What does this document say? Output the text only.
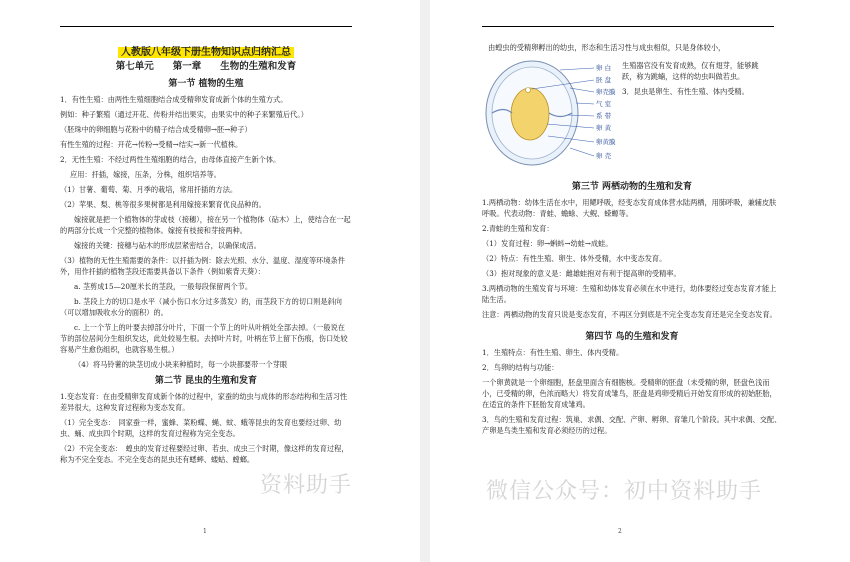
人教版八年级下册生物知识点归纳汇总
第七单元　　第一章　　生物的生殖和发育
第一节 植物的生殖

1．有性生殖：由两性生殖细胞结合成受精卵发育成新个体的生殖方式。

例如：种子繁殖（通过开花、传粉并结出果实，由果实中的种子来繁殖后代。）

（胚珠中的卵细胞与花粉中的精子结合成受精卵→胚→种子）

有性生殖的过程：开花→传粉→受精→结实→新一代植株。

2．无性生殖：不经过两性生殖细胞的结合，由母体直接产生新个体。

应用：扦插，嫁接，压条，分株，组织培养等。

（1）甘薯、葡萄、菊、月季的栽培，常用扦插的方法。

（2）苹果、梨、桃等很多果树都是利用嫁接来繁育优良品种的。

嫁接就是把一个植物体的芽或枝（接穗），接在另一个植物体（砧木）上，使结合在一起的两部分长成一个完整的植物体。嫁接有枝接和芽接两种。

嫁接的关键：接穗与砧木的形成层紧密结合，以确保成活。

（3）植物的无性生殖需要的条件：以扦插为例：除去光照、水分、温度、湿度等环境条件外，用作扦插的植物茎段还需要具备以下条件（例如紫背天葵）：

a. 茎剪成15—20厘米长的茎段，一般每段保留两个节。

b. 茎段上方的切口是水平（减小伤口水分过多蒸发）的，而茎段下方的切口则是斜向（可以增加吸收水分的面积）的。

c. 上一个节上的叶要去掉部分叶片，下面一个节上的叶从叶柄处全部去掉。（一般说在节的部位居间分生组织发达，此处较易生根。去掉叶片时，叶柄在节上留下伤痕，伤口处较容易产生愈伤组织，也就容易生根。）

（4）将马铃薯的块茎切成小块来种植时，每一小块都要带一个芽眼

第二节 昆虫的生殖和发育

1.变态发育：在由受精卵发育成新个体的过程中，家蚕的幼虫与成体的形态结构和生活习性差异很大，这种发育过程称为变态发育。

（1）完全变态：　同家蚕一样，蜜蜂、菜粉蝶、蝇、蚊、蛾等昆虫的发育也要经过卵、幼虫、蛹、成虫四个时期，这样的发育过程称为完全变态。

（2）不完全变态：　蝗虫的发育过程要经过卵、若虫、成虫三个时期，像这样的发育过程，称为不完全变态。不完全变态的昆虫还有蟋蟀、蝼蛄、螳螂。

资料助手
1

由蝗虫的受精卵孵出的幼虫，形态和生活习性与成虫相似，只是身体较小，

卵 白
胚 盘
卵壳膜
气 室
系 带
卵 黄
卵黄膜
卵 壳

生殖器官没有发育成熟，仅有翅芽，能够跳跃，称为跳蝻，这样的幼虫叫做若虫。

3．昆虫是卵生、有性生殖、体内受精。

第三节 两栖动物的生殖和发育

1.两栖动物：幼体生活在水中，用鳃呼吸，经变态发育成体营水陆两栖，用肺呼吸，兼辅皮肤呼吸。代表动物：青蛙、蟾蜍、大鲵、蝾螈等。

2.青蛙的生殖和发育：

（1）发育过程：卵→蝌蚪→幼蛙→成蛙。

（2）特点：有性生殖、卵生、体外受精，水中变态发育。

（3）抱对现象的意义是：雌雄蛙抱对有利于提高卵的受精率。

3.两栖动物的生殖发育与环境：生殖和幼体发育必须在水中进行，幼体要经过变态发育才能上陆生活。

注意：两栖动物的发育只说是变态发育，不再区分到底是不完全变态发育还是完全变态发育。

第四节 鸟的生殖和发育

1．生殖特点：有性生殖、卵生、体内受精。

2．鸟卵的结构与功能：

一个卵黄就是一个卵细胞，胚盘里面含有细胞核。受精卵的胚盘（未受精的卵，胚盘色浅而小，已受精的卵，色浓而略大）将发育成雏鸟，胚盘是鸡卵受精后开始发育形成的初始胚胎，在适宜的条件下胚胎发育成雏鸡。

3．鸟的生殖和发育过程：筑巢、求偶、交配、产卵、孵卵、育雏几个阶段。其中求偶、交配、产卵是鸟类生殖和发育必须经历的过程。

微信公众号：初中资料助手
2
